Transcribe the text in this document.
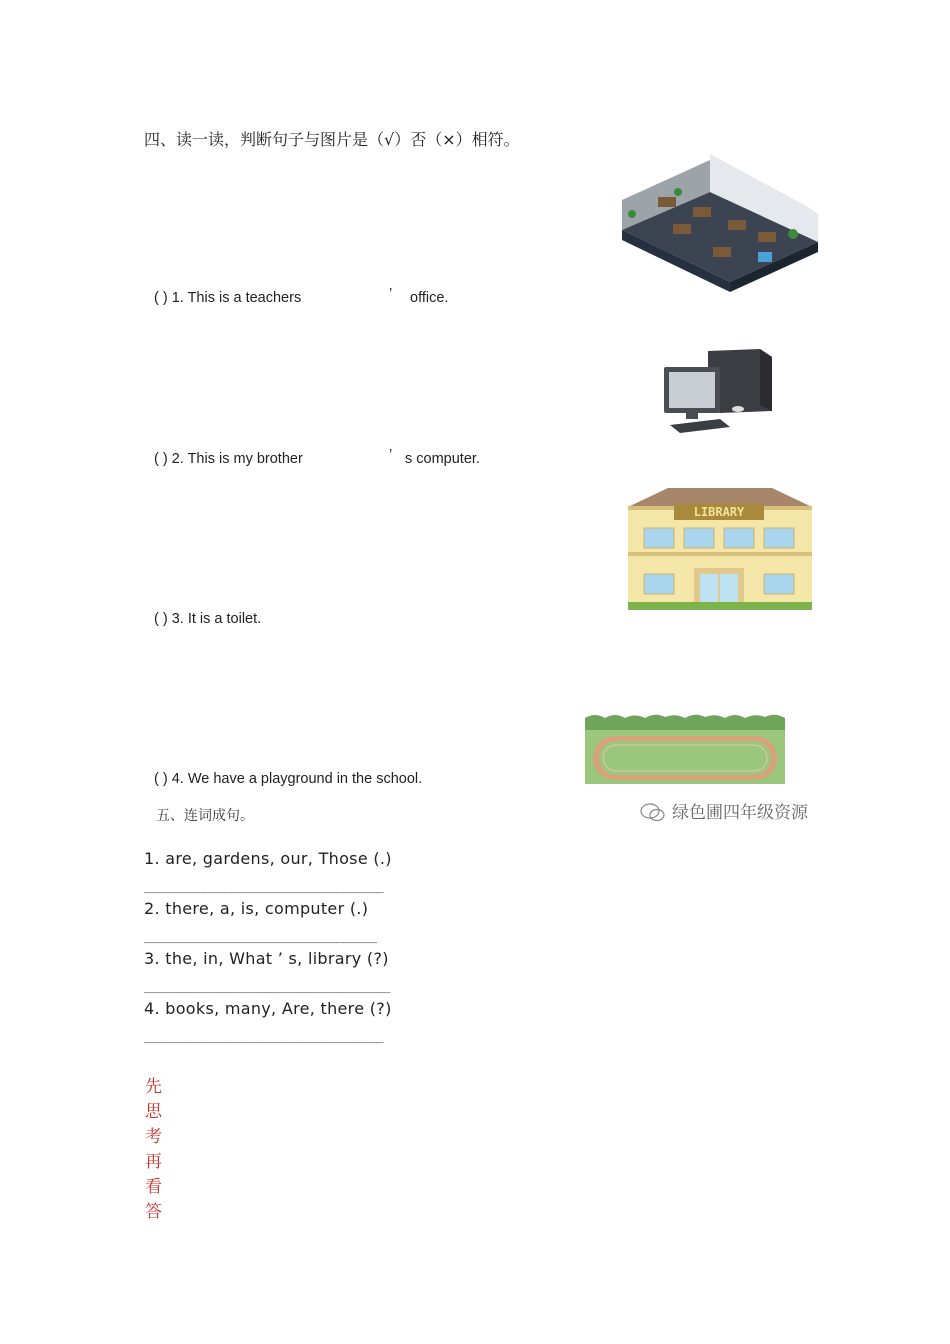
四、读一读，判断句子与图片是（√）否（×）相符。
( ) 1. This is a teachers	’ office.
( ) 2. This is my brother	’ s computer.
LIBRARY
( ) 3. It is a toilet.
( ) 4. We have a playground in the school.
绿色圃四年级资源
五、连词成句。
1. are, gardens, our, Those (.)
____________________________________
2. there, a, is, computer (.)
___________________________________
3. the, in, What ’ s, library (?)
_____________________________________
4. books, many, Are, there (?)
____________________________________
先
思
考
再
看
答
